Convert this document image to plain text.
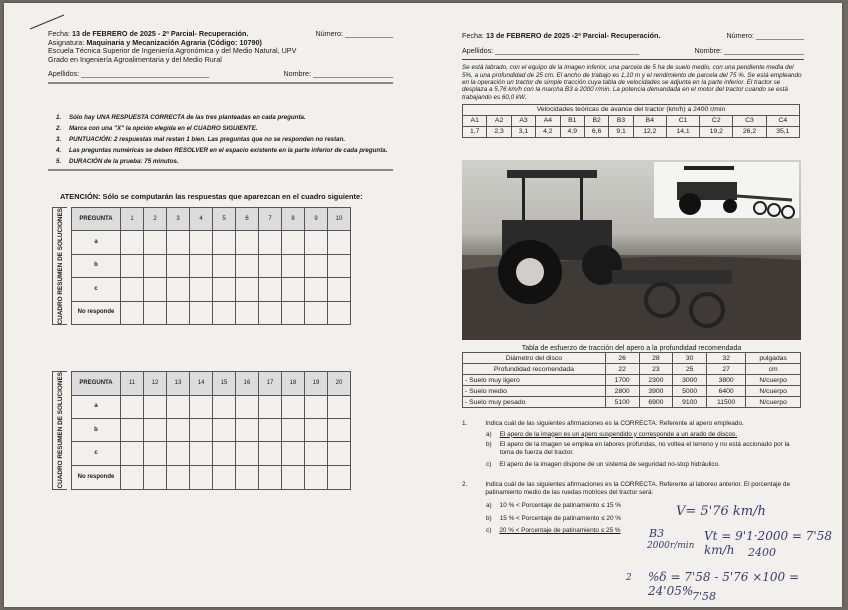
Fecha: 13 de FEBRERO de 2025 - 2ª Parcial- Recuperación.	Número: ____________
Asignatura: Maquinaria y Mecanización Agraria (Código: 10790)
Escuela Técnica Superior de Ingeniería Agronómica y del Medio Natural, UPV
Grado en Ingeniería Agroalimentaria y del Medio Rural
Apellidos: ________________________________	Nombre: ____________________
1.	Sólo hay UNA RESPUESTA CORRECTA de las tres planteadas en cada pregunta.
2.	Marca con una "X" la opción elegida en el CUADRO SIGUIENTE.
3.	PUNTUACIÓN: 2 respuestas mal restan 1 bien. Las preguntas que no se responden no restan.
4.	Las preguntas numéricas se deben RESOLVER en el espacio existente en la parte inferior de cada pregunta.
5.	DURACIÓN de la prueba: 75 minutos.
ATENCIÓN: Sólo se computarán las respuestas que aparezcan en el cuadro siguiente:
CUADRO RESUMEN DE SOLUCIONES	PREGUNTA	1	2	3	4	5	6	7	8	9	10
a										
b										
c										
No responde										
CUADRO RESUMEN DE SOLUCIONES	PREGUNTA	11	12	13	14	15	16	17	18	19	20
a										
b										
c										
No responde										
Fecha: 13 de FEBRERO de 2025 -2ª Parcial- Recuperación.	Número: ____________
Apellidos: ____________________________________	Nombre: ____________________
Se está labrado, con el equipo de la imagen inferior, una parcela de 5 ha de suelo medio, con una pendiente media del 5%, a una profundidad de 25 cm. El ancho de trabajo es 1,10 m y el rendimiento de parcela del 75 %. Se está empleando en la operación un tractor de simple tracción cuya tabla de velocidades se adjunta en la parte inferior. El tractor se desplaza a 5,76 km/h con la marcha B3 a 2000 r/min. La potencia demandada en el motor del tractor cuando se está trabajando es 60,0 kW.
Velocidades teóricas de avance del tractor (km/h) a 2400 r/min											
A1	A2	A3	A4	B1	B2	B3	B4	C1	C2	C3	C4
1,7	2,3	3,1	4,2	4,9	6,6	9,1	12,2	14,1	19,2	26,2	35,1
Tabla de esfuerzo de tracción del apero a la profundidad recomendada
Diámetro del disco	26	28	30	32	pulgadas
Profundidad recomendada	22	23	25	27	cm
- Suelo muy ligero	1700	2300	3000	3800	N/cuerpo
- Suelo medio	2800	3900	5000	6400	N/cuerpo
- Suelo muy pesado	5100	6900	9100	11500	N/cuerpo
1.	Indica cuál de las siguientes afirmaciones es la CORRECTA. Referente al apero empleado.
a) El apero de la imagen es un apero suspendido y corresponde a un arado de discos.
b) El apero de la imagen se emplea en labores profundas, no voltea el terreno y no está accionado por la toma de fuerza del tractor.
c) El apero de la imagen dispone de un sistema de seguridad no-stop hidráulico.
2.	Indica cuál de las siguientes afirmaciones es la CORRECTA. Referente al laboreo anterior. El porcentaje de patinamiento medio de las ruedas motrices del tractor será:
a) 10 % < Porcentaje de patinamiento ≤ 15 %
b) 15 % < Porcentaje de patinamiento ≤ 20 %
c) 20 % < Porcentaje de patinamiento ≤ 25 %
V= 5'76 km/h
B3
2000r/min
Vt = 9'1·2000 = 7'58 km/h	2400
2 %δ = 7'58 - 5'76 ×100 = 24'05%
7'58
